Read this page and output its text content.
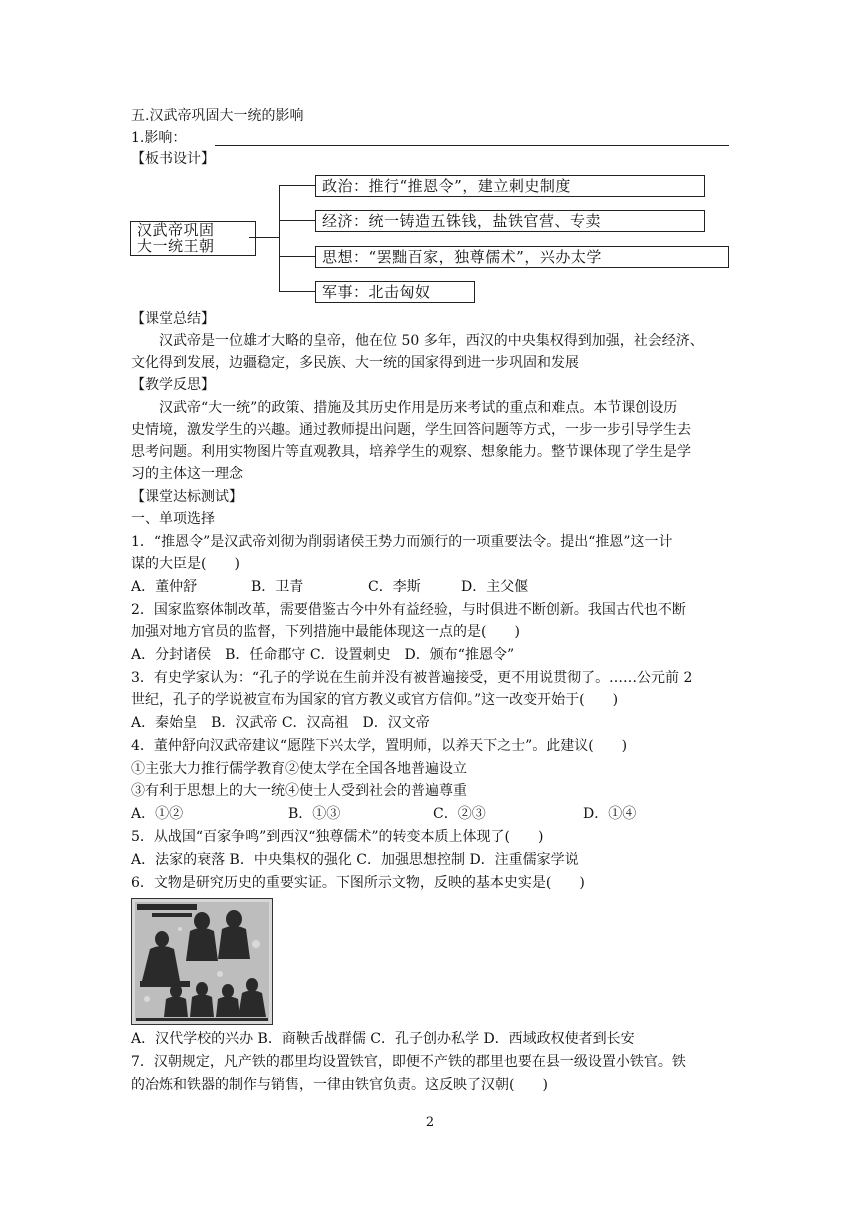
五.汉武帝巩固大一统的影响
1.影响：
【板书设计】
汉武帝巩固
大一统王朝
政治：推行“推恩令”，建立刺史制度
经济：统一铸造五铢钱，盐铁官营、专卖
思想：“罢黜百家，独尊儒术”，兴办太学
军事：北击匈奴
【课堂总结】
汉武帝是一位雄才大略的皇帝，他在位 50 多年，西汉的中央集权得到加强，社会经济、
文化得到发展，边疆稳定，多民族、大一统的国家得到进一步巩固和发展
【教学反思】
汉武帝“大一统”的政策、措施及其历史作用是历来考试的重点和难点。本节课创设历
史情境，激发学生的兴趣。通过教师提出问题，学生回答问题等方式，一步一步引导学生去
思考问题。利用实物图片等直观教具，培养学生的观察、想象能力。整节课体现了学生是学
习的主体这一理念
【课堂达标测试】
一、单项选择
1．“推恩令”是汉武帝刘彻为削弱诸侯王势力而颁行的一项重要法令。提出“推恩”这一计
谋的大臣是(　　)
A．董仲舒	B．卫青	C．李斯	D．主父偃
2．国家监察体制改革，需要借鉴古今中外有益经验，与时俱进不断创新。我国古代也不断
加强对地方官员的监督，下列措施中最能体现这一点的是(　　)
A．分封诸侯　B．任命郡守 C．设置刺史　D．颁布“推恩令”
3．有史学家认为：“孔子的学说在生前并没有被普遍接受，更不用说贯彻了。……公元前 2
世纪，孔子的学说被宣布为国家的官方教义或官方信仰。”这一改变开始于(　　)
A．秦始皇　B．汉武帝 C．汉高祖　D．汉文帝
4．董仲舒向汉武帝建议“愿陛下兴太学，置明师，以养天下之士”。此建议(　　)
①主张大力推行儒学教育②使太学在全国各地普遍设立
③有利于思想上的大一统④使士人受到社会的普遍尊重
A．①②	B．①③	C．②③	D．①④
5．从战国“百家争鸣”到西汉“独尊儒术”的转变本质上体现了(　　)
A．法家的衰落 B．中央集权的强化 C．加强思想控制 D．注重儒家学说
6．文物是研究历史的重要实证。下图所示文物，反映的基本史实是(　　)
A．汉代学校的兴办 B．商鞅舌战群儒 C．孔子创办私学 D．西域政权使者到长安
7．汉朝规定，凡产铁的郡里均设置铁官，即便不产铁的郡里也要在县一级设置小铁官。铁
的冶炼和铁器的制作与销售，一律由铁官负责。这反映了汉朝(　　)
2
